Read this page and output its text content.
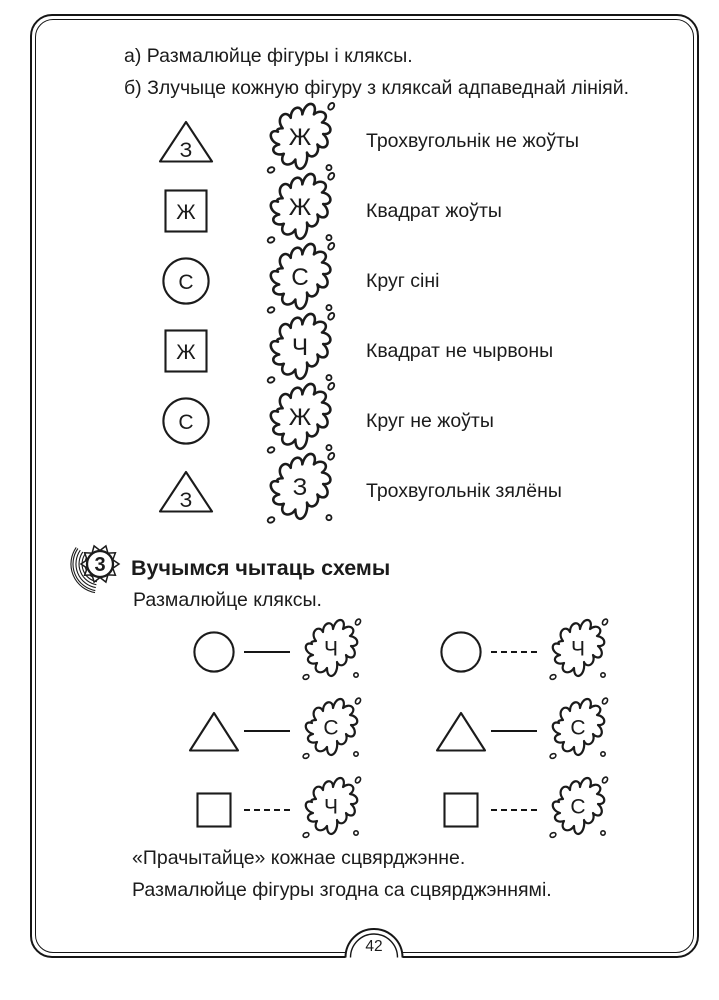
а) Размалюйце фігуры і кляксы.
б) Злучыце кожную фігуру з кляксай адпаведнай лініяй.
З	Ж	Трохвугольнік не жоўты
Ж	Ж	Квадрат жоўты
С	С	Круг сіні
Ж	Ч	Квадрат не чырвоны
С	Ж	Круг не жоўты
З	З	Трохвугольнік зялёны
3 Вучымся чытаць схемы
Размалюйце кляксы.
Ч	Ч
С	С
Ч	С
«Прачытайце» кожнае сцвярджэнне.
Размалюйце фігуры згодна са сцвярджэннямі.
42
